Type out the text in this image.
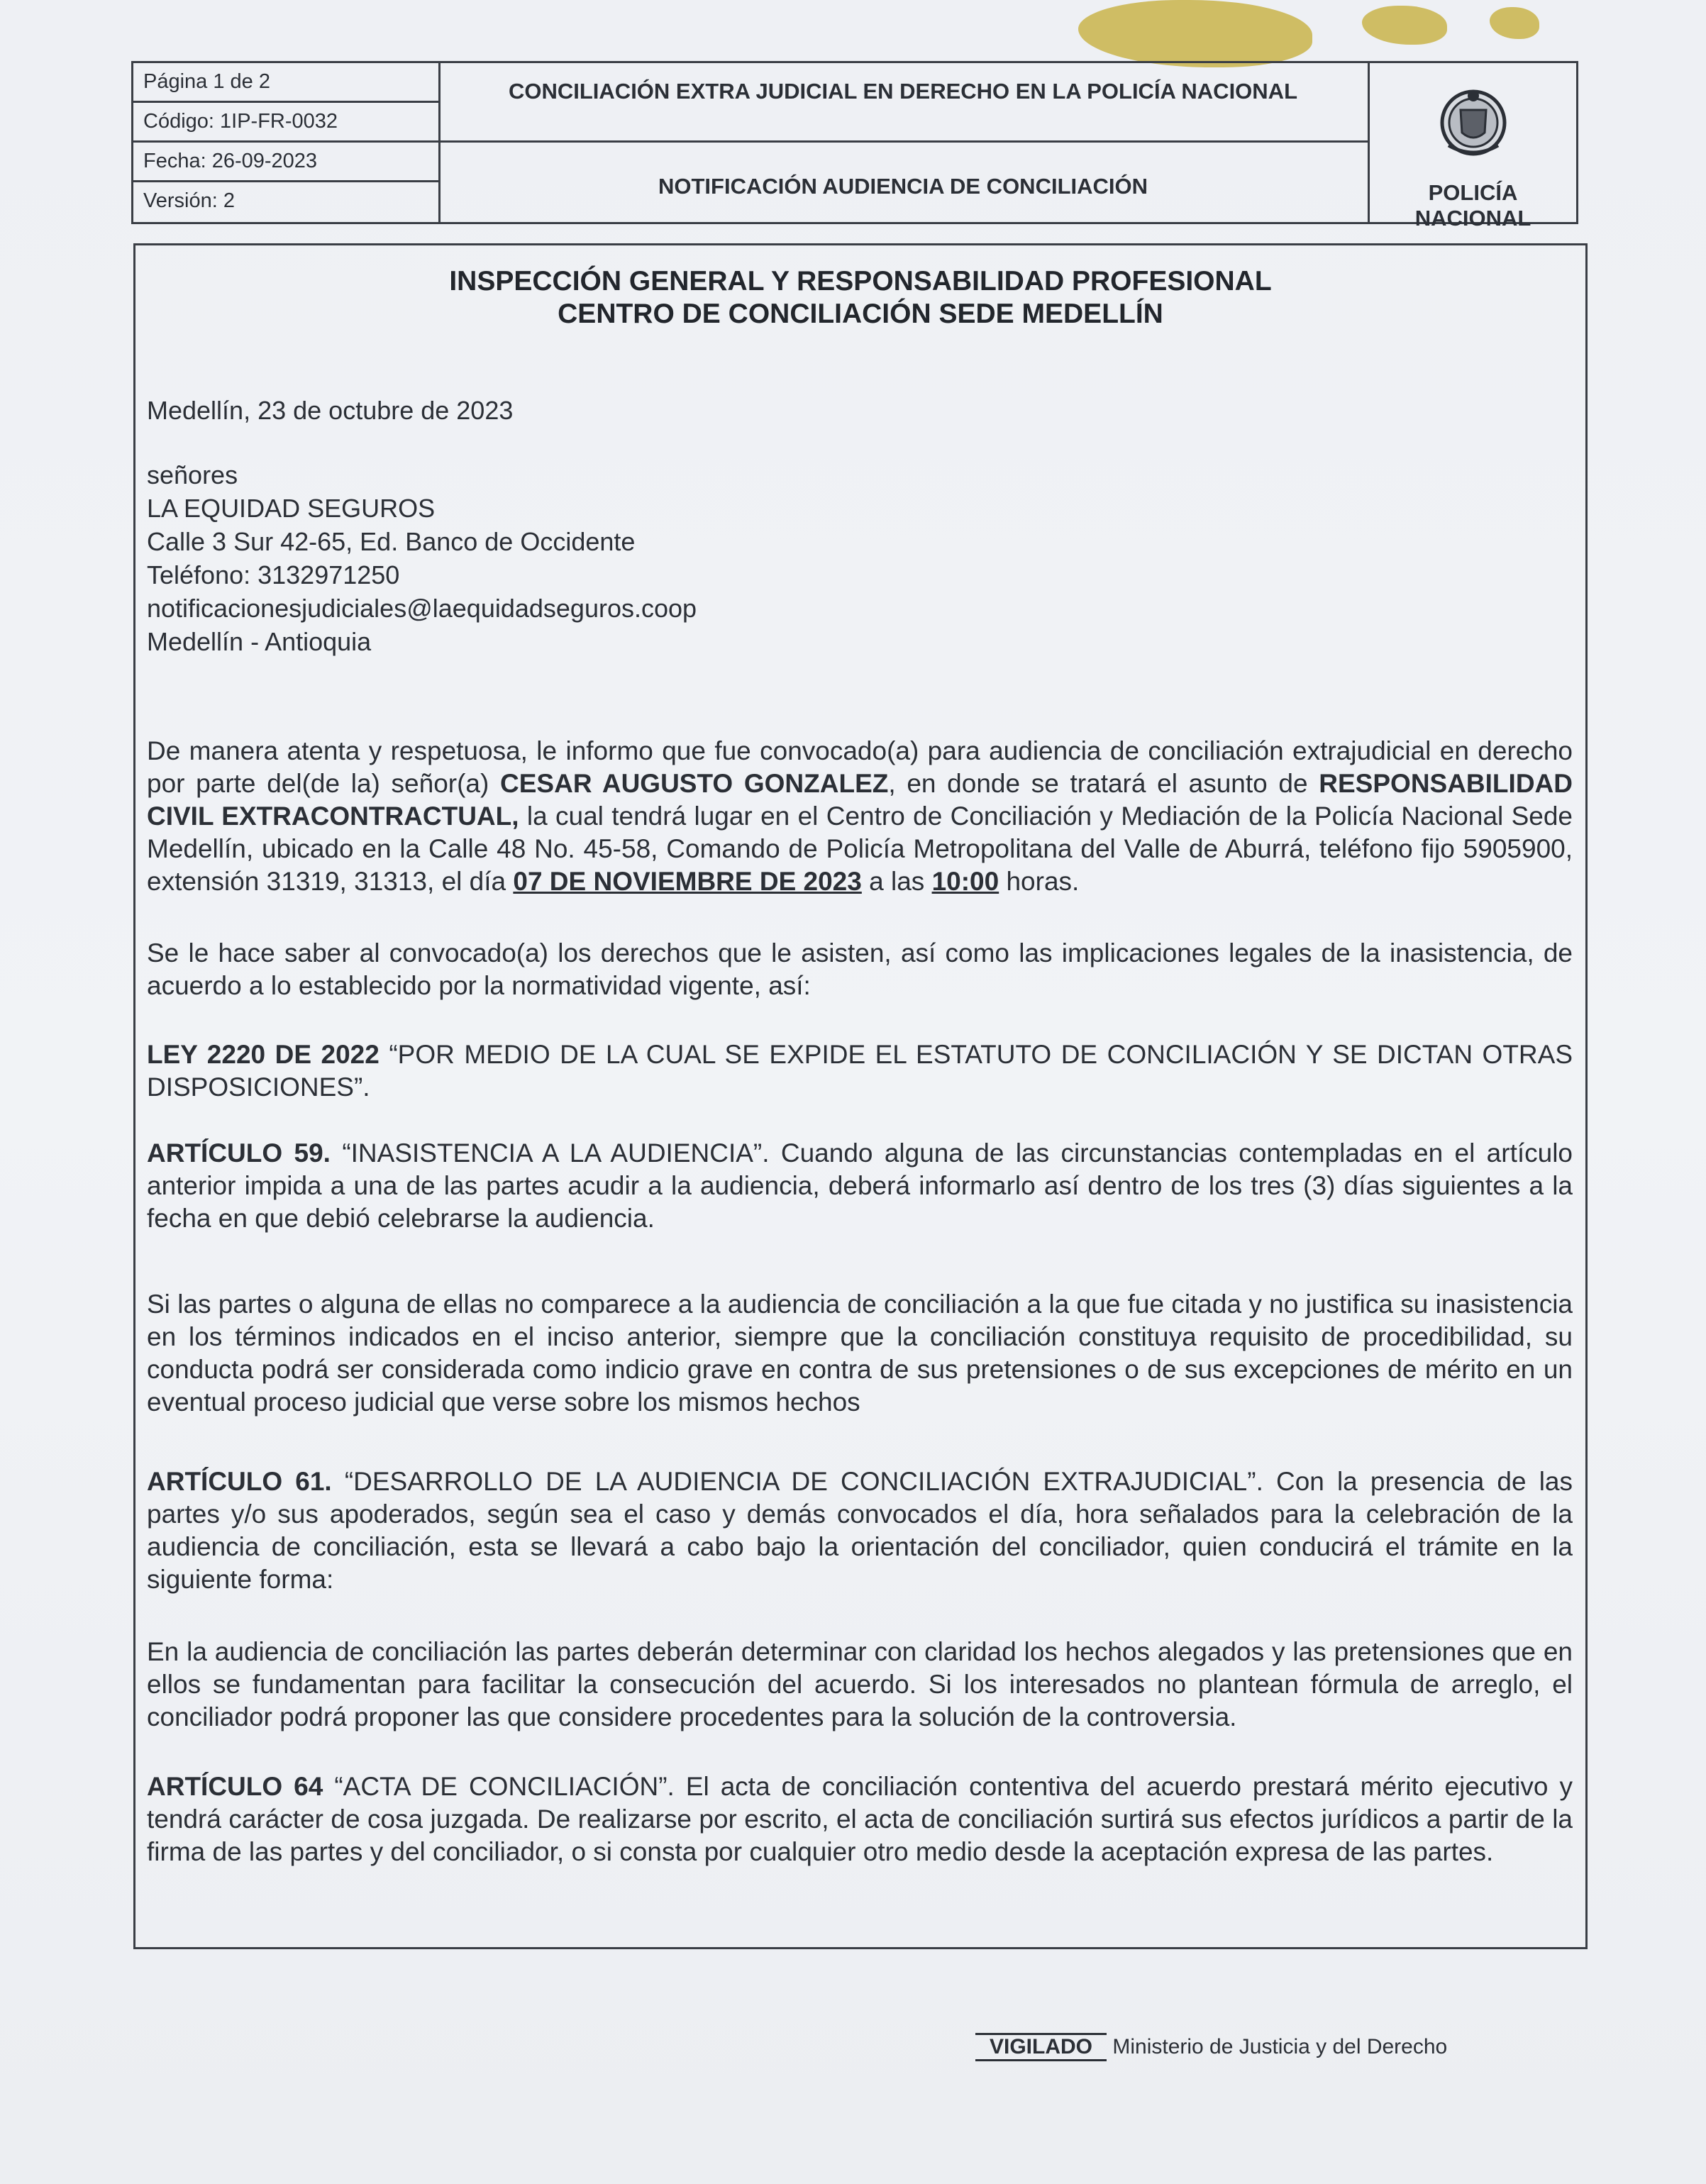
Página 1 de 2
Código: 1IP-FR-0032
Fecha: 26-09-2023
Versión: 2
CONCILIACIÓN EXTRA JUDICIAL EN DERECHO EN LA POLICÍA NACIONAL
NOTIFICACIÓN AUDIENCIA DE CONCILIACIÓN	POLICÍA NACIONAL
INSPECCIÓN GENERAL Y RESPONSABILIDAD PROFESIONAL
CENTRO DE CONCILIACIÓN SEDE MEDELLÍN
Medellín, 23 de octubre de 2023
señores
LA EQUIDAD SEGUROS
Calle 3 Sur 42-65, Ed. Banco de Occidente
Teléfono: 3132971250
notificacionesjudiciales@laequidadseguros.coop
Medellín - Antioquia
De manera atenta y respetuosa, le informo que fue convocado(a) para audiencia de conciliación extrajudicial en derecho por parte del(de la) señor(a) CESAR AUGUSTO GONZALEZ, en donde se tratará el asunto de RESPONSABILIDAD CIVIL EXTRACONTRACTUAL, la cual tendrá lugar en el Centro de Conciliación y Mediación de la Policía Nacional Sede Medellín, ubicado en la Calle 48 No. 45-58, Comando de Policía Metropolitana del Valle de Aburrá, teléfono fijo 5905900, extensión 31319, 31313, el día 07 DE NOVIEMBRE DE 2023 a las 10:00 horas.
Se le hace saber al convocado(a) los derechos que le asisten, así como las implicaciones legales de la inasistencia, de acuerdo a lo establecido por la normatividad vigente, así:
LEY 2220 DE 2022 “POR MEDIO DE LA CUAL SE EXPIDE EL ESTATUTO DE CONCILIACIÓN Y SE DICTAN OTRAS DISPOSICIONES”.
ARTÍCULO 59. “INASISTENCIA A LA AUDIENCIA”. Cuando alguna de las circunstancias contempladas en el artículo anterior impida a una de las partes acudir a la audiencia, deberá informarlo así dentro de los tres (3) días siguientes a la fecha en que debió celebrarse la audiencia.
Si las partes o alguna de ellas no comparece a la audiencia de conciliación a la que fue citada y no justifica su inasistencia en los términos indicados en el inciso anterior, siempre que la conciliación constituya requisito de procedibilidad, su conducta podrá ser considerada como indicio grave en contra de sus pretensiones o de sus excepciones de mérito en un eventual proceso judicial que verse sobre los mismos hechos
ARTÍCULO 61. “DESARROLLO DE LA AUDIENCIA DE CONCILIACIÓN EXTRAJUDICIAL”. Con la presencia de las partes y/o sus apoderados, según sea el caso y demás convocados el día, hora señalados para la celebración de la audiencia de conciliación, esta se llevará a cabo bajo la orientación del conciliador, quien conducirá el trámite en la siguiente forma:
En la audiencia de conciliación las partes deberán determinar con claridad los hechos alegados y las pretensiones que en ellos se fundamentan para facilitar la consecución del acuerdo. Si los interesados no plantean fórmula de arreglo, el conciliador podrá proponer las que considere procedentes para la solución de la controversia.
ARTÍCULO 64 “ACTA DE CONCILIACIÓN”. El acta de conciliación contentiva del acuerdo prestará mérito ejecutivo y tendrá carácter de cosa juzgada. De realizarse por escrito, el acta de conciliación surtirá sus efectos jurídicos a partir de la firma de las partes y del conciliador, o si consta por cualquier otro medio desde la aceptación expresa de las partes.
VIGILADO Ministerio de Justicia y del Derecho
